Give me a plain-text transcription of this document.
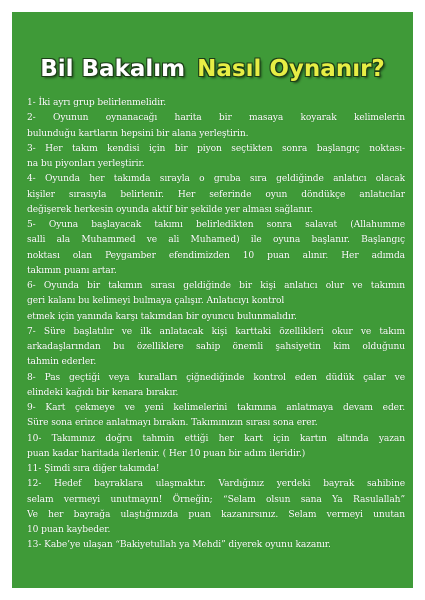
Bil Bakalım Nasıl Oynanır?
1- İki ayrı grup belirlenmelidir.
2- Oyunun oynanacağı harita bir masaya koyarak kelimelerin
bulunduğu kartların hepsini bir alana yerleştirin.
3- Her takım kendisi için bir piyon seçtikten sonra başlangıç noktası-
na bu piyonları yerleştirir.
4- Oyunda her takımda sırayla o gruba sıra geldiğinde anlatıcı olacak
kişiler sırasıyla belirlenir. Her seferinde oyun döndükçe anlatıcılar
değişerek herkesin oyunda aktif bir şekilde yer alması sağlanır.
5- Oyuna başlayacak takımı belirledikten sonra salavat (Allahumme
salli ala Muhammed ve ali Muhamed) ile oyuna başlanır. Başlangıç
noktası olan Peygamber efendimizden 10 puan alınır. Her adımda
takımın puanı artar.
6- Oyunda bir takımın sırası geldiğinde bir kişi anlatıcı olur ve takımın
geri kalanı bu kelimeyi bulmaya çalışır. Anlatıcıyı kontrol
etmek için yanında karşı takımdan bir oyuncu bulunmalıdır.
7- Süre başlatılır ve ilk anlatacak kişi karttaki özellikleri okur ve takım
arkadaşlarından bu özelliklere sahip önemli şahsiyetin kim olduğunu
tahmin ederler.
8- Pas geçtiği veya kuralları çiğnediğinde kontrol eden düdük çalar ve
elindeki kağıdı bir kenara bırakır.
9- Kart çekmeye ve yeni kelimelerini takımına anlatmaya devam eder.
Süre sona erince anlatmayı bırakın. Takımınızın sırası sona erer.
10- Takımınız doğru tahmin ettiği her kart için kartın altında yazan
puan kadar haritada ilerlenir. ( Her 10 puan bir adım ileridir.)
11- Şimdi sıra diğer takımda!
12- Hedef bayraklara ulaşmaktır. Vardığınız yerdeki bayrak sahibine
selam vermeyi unutmayın! Örneğin; “Selam olsun sana Ya Rasulallah”
Ve her bayrağa ulaştığınızda puan kazanırsınız. Selam vermeyi unutan
10 puan kaybeder.
13- Kabe’ye ulaşan “Bakiyetullah ya Mehdi” diyerek oyunu kazanır.
